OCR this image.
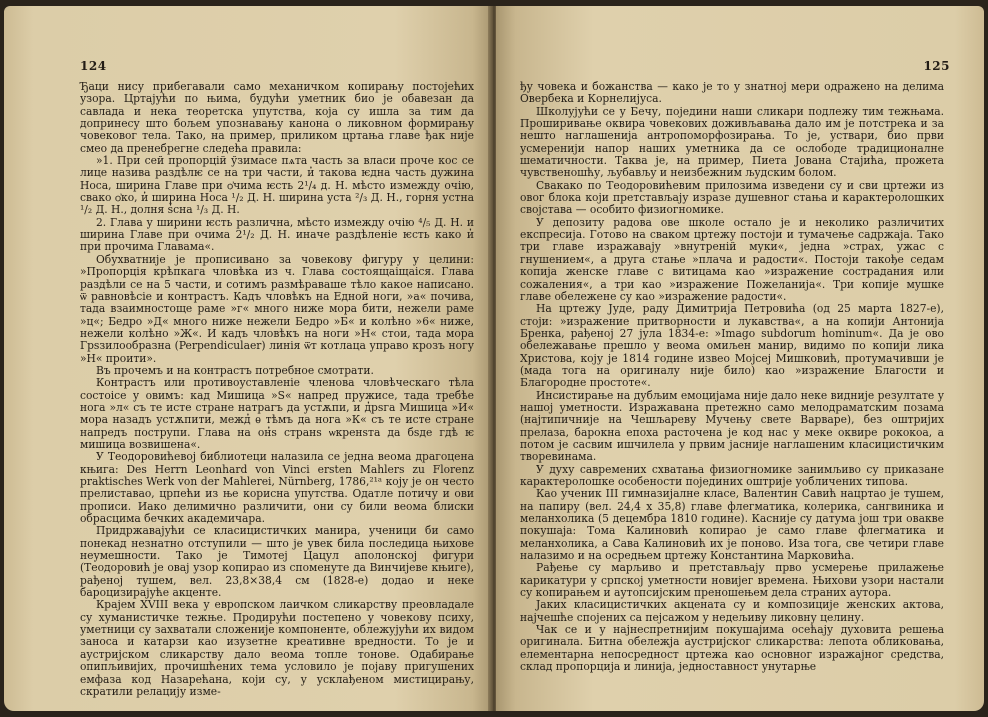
124

Ђаци нису прибегавали само механичком копирању постојећих узора. Цртајући по њима, будући уметник био је обавезан да савлада и нека теоретска упутства, која су ишла за тим да допринесу што бољем упознавању канона о ликовном формирању човековог тела. Тако, на пример, приликом цртања главе ђак није смео да пренебрегне следећа правила:

»1. При сей пропорцій ўзимасе пѧта часть за власи проче кос се лице назива раздѣлѥ се на три части, и̓ такова ѥдна часть дужина Носа, ширина Главе при ѻ̓чима ѥсть 2¹/₄ д. Н. мѣсто измежду очію, свако ѻ̓ко, и̓ ширина Носа ¹/₂ Д. Н. ширина уста ²/₃ Д. Н., горня устна ¹/₂ Д. Н., долня ѕ̓сна ¹/₃ Д. Н.

2. Глава у ширини ѥсть различна, мѣсто измежду очію ⁴/₅ Д. Н. и ширина Главе при очима 2¹/₂ Д. Н. иначе раздѣленіе ѥсть како и̓ при прочима Главама«.

Обухватније је прописивано за човекову фигуру у целини: »Пропорція крѣпкага чловѣка из ч. Глава состоящаіщаіся. Глава раздѣли се на 5 части, и сотимъ размѣраваше тѣло какое написано. ѿ равновѣсіе и контрастъ. Кадъ чловѣкъ на Едной ноги, »а« почива, тада взаимностоще раме »г« много ниже мора бити, нежели раме »ц«; Бедро »Д« много ниже нежели Бедро »Б« и колѣно »6« ниже, нежели колѣно »Ж«. И кадъ чловѣкъ на ноги »Н« стои, тада мора Грѕзилообразна (Perpendiculaer) линія ѿт котлаца управо крозъ ногу »Н« проити».

Въ прочемъ и на контрастъ потребное смотрати.

Контрастъ или противоуставленіе членова чловѣческаго тѣла состоісе у овимъ: кад Мишица »S« напред пружисе, тада требѣе нога »л« съ те исте стране натрагъ да устѫпи, и д̓рѕга Мишица »И« мора назадъ устѫпити, межд̓ ѳ тѣмъ да нога »К« съ те исте стране напредъ пострупи. Глава на он̓ѕ странѕ ѡкренѕта да бѕде гдѣ ѥ мишица возвишена«.

У Теодоровићевој библиотеци налазила се једна веома драгоцена књига: Des Herrn Leonhard von Vinci ersten Mahlers zu Florenz praktisches Werk von der Mahlerei, Nürnberg, 1786,²¹ᵃ коју је он често прелиставао, црпећи из ње корисна упутства. Одатле потичу и ови прописи. Иако делимично различити, они су били веома блиски обрасцима бечких академичара.

Придржавајући се класицистичких манира, ученици би само понекад незнатно отступили — што је увек била последица њихове неумешности. Тако је Тимотеј Цацул аполонској фигури (Теодоровић је овај узор копирао из споменуте да Винчијеве књиге), рађеној тушем, вел. 23,8×38,4 см (1828-е) додао и неке бароцизирајуће акценте.

Крајем XVIII века у европском лаичком сликарству преовладале су хуманистичке тежње. Продирући постепено у човекову психу, уметници су захватали сложеније компоненте, облежујући их видом заноса и катарзи као изузетне креативне вредности. То је и аустријском сликарству дало веома топле тонове. Одабирање опипљивијих, прочишћених тема условило је појаву пригушених емфаза код Назарећана, који су, у усклађеном мистицирању, скратили релацију изме-

125

ђу човека и божанства — како је то у знатној мери одражено на делима Овербека и Корнелијуса.

Школујући се у Бечу, поједини наши сликари подлежу тим тежњама. Проширивање оквира човекових доживљавања дало им је потстрека и за нешто наглашенија антропоморфозирања. То је, уствари, био први усмерениjи напор наших уметника да се ослободе традиционалне шематичности. Таква је, на пример, Пиета Јована Стајића, прожета чувственошћу, љубављу и неизбежним људским болом.

Свакако по Теодоровићевим прилозима изведени су и сви цртежи из овог блока који претстављају изразе душевног стања и карактеролошких својстава — особито физиогномике.

У депозиту радова ове школе остало је и неколико различитих експресија. Готово на сваком цртежу постоји и тумачење садржаја. Тако три главе изражавају »внутреній муки«, једна »страх, ужас с гнушением«, а друга стање »плача и радости«. Постоји такође седам копија женске главе с витицама као »изражение сострадания или сожаления«, а три као »изражение Пожеланија«. Три копије мушке главе обележене су као »изражение радости«.

На цртежу Јуде, раду Димитрија Петровића (од 25 марта 1827-е), стоји: »изражение притворности и лукавства«, а на копији Антонија Бренка, рађеној 27 јула 1834-е: »Imago subdorum hominum«. Да је ово обележавање прешло у веома омиљен манир, видимо по копији лика Христова, коју је 1814 године извео Мојсеј Мишковић, протумачивши је (мада тога на оригиналу није било) као »изражение Благости и Благородне простоте«.

Инсистирање на дубљим емоцијама није дало неке видније резултате у нашој уметности. Изражавана претежно само мелодраматским позама (најтипичније на Чешљареву Мучењу свете Варваре), без оштријих прелаза, барокна епоха расточена је код нас у меке оквире рококоа, а потом је сасвим ишчилела у првим јасније наглашеним класицистичким творевинама.

У духу савремених схватања физиогномике занимљиво су приказане карактеролошке особености појединих оштрије уобличених типова.

Као ученик III гимназијалне класе, Валентин Савић нацртао је тушем, на папиру (вел. 24,4 x 35,8) главе флегматика, колерика, сангвиника и меланхолика (5 децембра 1810 године). Касније су датума још три овакве покушаја: Тома Калиновић копирао је само главе флегматика и меланхолика, а Сава Калиновић их је поново. Иза тога, све четири главе налазимо и на осредњем цртежу Константина Марковића.

Рађење су марљиво и претстављају прво усмерење прилажење карикатури у српској уметности новијег времена. Њихови узори настали су копирањем и аутопсијским преношењем дела страних аутора.

Јаких класицистичких акцената су и композиције женских актова, најчешће спојених са пејсажом у недељиву ликовну целину.

Чак се и у најнеспретнијим покушајима осећају духовита решења оригинала. Битна обележја аустријског сликарства: лепота обликовања, елементарна непосредност цртежа као основног изражајног средства, склад пропорција и линија, једноставност унутарње
